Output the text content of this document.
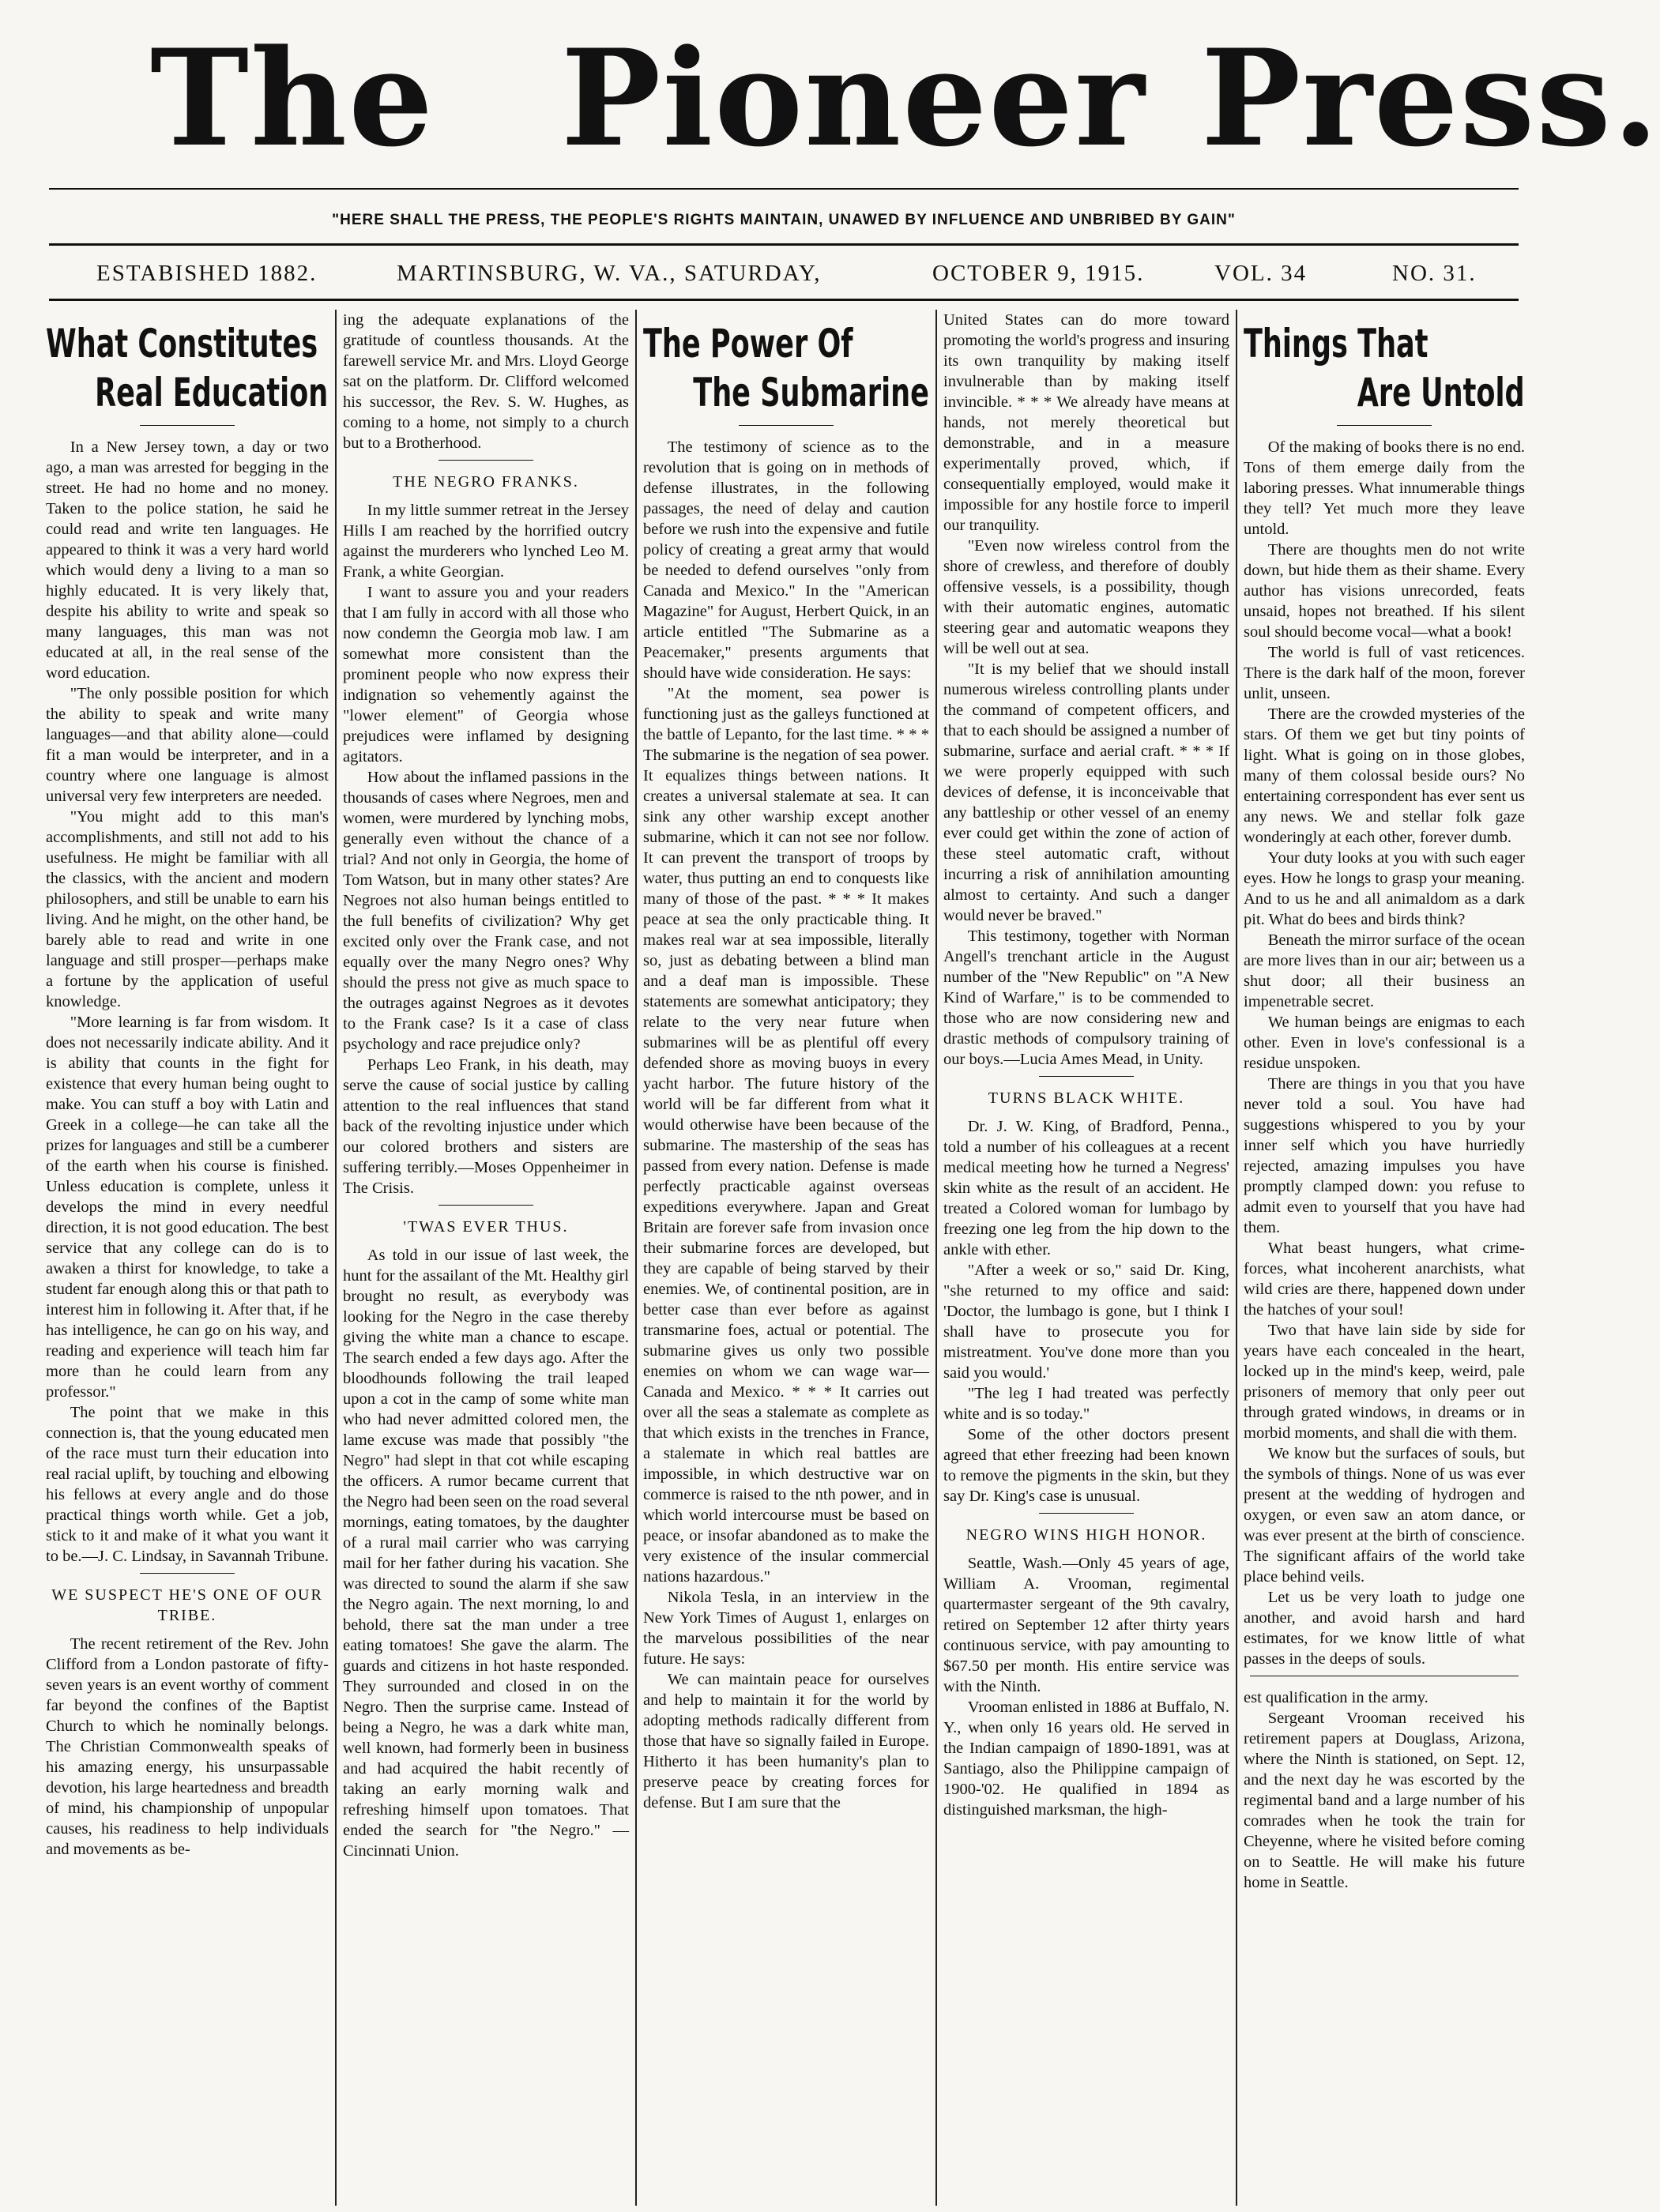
The Pioneer Press.
"HERE SHALL THE PRESS, THE PEOPLE'S RIGHTS MAINTAIN, UNAWED BY INFLUENCE AND UNBRIBED BY GAIN"
ESTABISHED 1882.	MARTINSBURG, W. VA., SATURDAY,	OCTOBER 9, 1915.	VOL. 34	NO. 31.
What Constitutes
Real Education

In a New Jersey town, a day or two ago, a man was arrested for begging in the street. He had no home and no money. Taken to the police station, he said he could read and write ten languages. He appeared to think it was a very hard world which would deny a living to a man so highly educated. It is very likely that, despite his ability to write and speak so many languages, this man was not educated at all, in the real sense of the word education.

"The only possible position for which the ability to speak and write many languages—and that ability alone—could fit a man would be interpreter, and in a country where one language is almost universal very few interpreters are needed.

"You might add to this man's accomplishments, and still not add to his usefulness. He might be familiar with all the classics, with the ancient and modern philosophers, and still be unable to earn his living. And he might, on the other hand, be barely able to read and write in one language and still prosper—perhaps make a fortune by the application of useful knowledge.

"More learning is far from wisdom. It does not necessarily indicate ability. And it is ability that counts in the fight for existence that every human being ought to make. You can stuff a boy with Latin and Greek in a college—he can take all the prizes for languages and still be a cumberer of the earth when his course is finished. Unless education is complete, unless it develops the mind in every needful direction, it is not good education. The best service that any college can do is to awaken a thirst for knowledge, to take a student far enough along this or that path to interest him in following it. After that, if he has intelligence, he can go on his way, and reading and experience will teach him far more than he could learn from any professor."

The point that we make in this connection is, that the young educated men of the race must turn their education into real racial uplift, by touching and elbowing his fellows at every angle and do those practical things worth while. Get a job, stick to it and make of it what you want it to be.—J. C. Lindsay, in Savannah Tribune.

WE SUSPECT HE'S ONE OF OUR TRIBE.

The recent retirement of the Rev. John Clifford from a London pastorate of fifty-seven years is an event worthy of comment far beyond the confines of the Baptist Church to which he nominally belongs. The Christian Commonwealth speaks of his amazing energy, his unsurpassable devotion, his large heartedness and breadth of mind, his championship of unpopular causes, his readiness to help individuals and movements as be-

ing the adequate explanations of the gratitude of countless thousands. At the farewell service Mr. and Mrs. Lloyd George sat on the platform. Dr. Clifford welcomed his successor, the Rev. S. W. Hughes, as coming to a home, not simply to a church but to a Brotherhood.

THE NEGRO FRANKS.

In my little summer retreat in the Jersey Hills I am reached by the horrified outcry against the murderers who lynched Leo M. Frank, a white Georgian.

I want to assure you and your readers that I am fully in accord with all those who now condemn the Georgia mob law. I am somewhat more consistent than the prominent people who now express their indignation so vehemently against the "lower element" of Georgia whose prejudices were inflamed by designing agitators.

How about the inflamed passions in the thousands of cases where Negroes, men and women, were murdered by lynching mobs, generally even without the chance of a trial? And not only in Georgia, the home of Tom Watson, but in many other states? Are Negroes not also human beings entitled to the full benefits of civilization? Why get excited only over the Frank case, and not equally over the many Negro ones? Why should the press not give as much space to the outrages against Negroes as it devotes to the Frank case? Is it a case of class psychology and race prejudice only?

Perhaps Leo Frank, in his death, may serve the cause of social justice by calling attention to the real influences that stand back of the revolting injustice under which our colored brothers and sisters are suffering terribly.—Moses Oppenheimer in The Crisis.

'TWAS EVER THUS.

As told in our issue of last week, the hunt for the assailant of the Mt. Healthy girl brought no result, as everybody was looking for the Negro in the case thereby giving the white man a chance to escape. The search ended a few days ago. After the bloodhounds following the trail leaped upon a cot in the camp of some white man who had never admitted colored men, the lame excuse was made that possibly "the Negro" had slept in that cot while escaping the officers. A rumor became current that the Negro had been seen on the road several mornings, eating tomatoes, by the daughter of a rural mail carrier who was carrying mail for her father during his vacation. She was directed to sound the alarm if she saw the Negro again. The next morning, lo and behold, there sat the man under a tree eating tomatoes! She gave the alarm. The guards and citizens in hot haste responded. They surrounded and closed in on the Negro. Then the surprise came. Instead of being a Negro, he was a dark white man, well known, had formerly been in business and had acquired the habit recently of taking an early morning walk and refreshing himself upon tomatoes. That ended the search for "the Negro." —Cincinnati Union.

The Power Of
The Submarine

The testimony of science as to the revolution that is going on in methods of defense illustrates, in the following passages, the need of delay and caution before we rush into the expensive and futile policy of creating a great army that would be needed to defend ourselves "only from Canada and Mexico." In the "American Magazine" for August, Herbert Quick, in an article entitled "The Submarine as a Peacemaker," presents arguments that should have wide consideration. He says:

"At the moment, sea power is functioning just as the galleys functioned at the battle of Lepanto, for the last time. * * * The submarine is the negation of sea power. It equalizes things between nations. It creates a universal stalemate at sea. It can sink any other warship except another submarine, which it can not see nor follow. It can prevent the transport of troops by water, thus putting an end to conquests like many of those of the past. * * * It makes peace at sea the only practicable thing. It makes real war at sea impossible, literally so, just as debating between a blind man and a deaf man is impossible. These statements are somewhat anticipatory; they relate to the very near future when submarines will be as plentiful off every defended shore as moving buoys in every yacht harbor. The future history of the world will be far different from what it would otherwise have been because of the submarine. The mastership of the seas has passed from every nation. Defense is made perfectly practicable against overseas expeditions everywhere. Japan and Great Britain are forever safe from invasion once their submarine forces are developed, but they are capable of being starved by their enemies. We, of continental position, are in better case than ever before as against transmarine foes, actual or potential. The submarine gives us only two possible enemies on whom we can wage war—Canada and Mexico. * * * It carries out over all the seas a stalemate as complete as that which exists in the trenches in France, a stalemate in which real battles are impossible, in which destructive war on commerce is raised to the nth power, and in which world intercourse must be based on peace, or insofar abandoned as to make the very existence of the insular commercial nations hazardous."

Nikola Tesla, in an interview in the New York Times of August 1, enlarges on the marvelous possibilities of the near future. He says:

We can maintain peace for ourselves and help to maintain it for the world by adopting methods radically different from those that have so signally failed in Europe. Hitherto it has been humanity's plan to preserve peace by creating forces for defense. But I am sure that the

United States can do more toward promoting the world's progress and insuring its own tranquility by making itself invulnerable than by making itself invincible. * * * We already have means at hands, not merely theoretical but demonstrable, and in a measure experimentally proved, which, if consequentially employed, would make it impossible for any hostile force to imperil our tranquility.

"Even now wireless control from the shore of crewless, and therefore of doubly offensive vessels, is a possibility, though with their automatic engines, automatic steering gear and automatic weapons they will be well out at sea.

"It is my belief that we should install numerous wireless controlling plants under the command of competent officers, and that to each should be assigned a number of submarine, surface and aerial craft. * * * If we were properly equipped with such devices of defense, it is inconceivable that any battleship or other vessel of an enemy ever could get within the zone of action of these steel automatic craft, without incurring a risk of annihilation amounting almost to certainty. And such a danger would never be braved."

This testimony, together with Norman Angell's trenchant article in the August number of the "New Republic" on "A New Kind of Warfare," is to be commended to those who are now considering new and drastic methods of compulsory training of our boys.—Lucia Ames Mead, in Unity.

TURNS BLACK WHITE.

Dr. J. W. King, of Bradford, Penna., told a number of his colleagues at a recent medical meeting how he turned a Negress' skin white as the result of an accident. He treated a Colored woman for lumbago by freezing one leg from the hip down to the ankle with ether.

"After a week or so," said Dr. King, "she returned to my office and said: 'Doctor, the lumbago is gone, but I think I shall have to prosecute you for mistreatment. You've done more than you said you would.'

"The leg I had treated was perfectly white and is so today."

Some of the other doctors present agreed that ether freezing had been known to remove the pigments in the skin, but they say Dr. King's case is unusual.

NEGRO WINS HIGH HONOR.

Seattle, Wash.—Only 45 years of age, William A. Vrooman, regimental quartermaster sergeant of the 9th cavalry, retired on September 12 after thirty years continuous service, with pay amounting to $67.50 per month. His entire service was with the Ninth.

Vrooman enlisted in 1886 at Buffalo, N. Y., when only 16 years old. He served in the Indian campaign of 1890-1891, was at Santiago, also the Philippine campaign of 1900-'02. He qualified in 1894 as distinguished marksman, the high-

Things That
Are Untold

Of the making of books there is no end. Tons of them emerge daily from the laboring presses. What innumerable things they tell? Yet much more they leave untold.

There are thoughts men do not write down, but hide them as their shame. Every author has visions unrecorded, feats unsaid, hopes not breathed. If his silent soul should become vocal—what a book!

The world is full of vast reticences. There is the dark half of the moon, forever unlit, unseen.

There are the crowded mysteries of the stars. Of them we get but tiny points of light. What is going on in those globes, many of them colossal beside ours? No entertaining correspondent has ever sent us any news. We and stellar folk gaze wonderingly at each other, forever dumb.

Your duty looks at you with such eager eyes. How he longs to grasp your meaning. And to us he and all animaldom as a dark pit. What do bees and birds think?

Beneath the mirror surface of the ocean are more lives than in our air; between us a shut door; all their business an impenetrable secret.

We human beings are enigmas to each other. Even in love's confessional is a residue unspoken.

There are things in you that you have never told a soul. You have had suggestions whispered to you by your inner self which you have hurriedly rejected, amazing impulses you have promptly clamped down: you refuse to admit even to yourself that you have had them.

What beast hungers, what crime-forces, what incoherent anarchists, what wild cries are there, happened down under the hatches of your soul!

Two that have lain side by side for years have each concealed in the heart, locked up in the mind's keep, weird, pale prisoners of memory that only peer out through grated windows, in dreams or in morbid moments, and shall die with them.

We know but the surfaces of souls, but the symbols of things. None of us was ever present at the wedding of hydrogen and oxygen, or even saw an atom dance, or was ever present at the birth of conscience. The significant affairs of the world take place behind veils.

Let us be very loath to judge one another, and avoid harsh and hard estimates, for we know little of what passes in the deeps of souls.

est qualification in the army.

Sergeant Vrooman received his retirement papers at Douglass, Arizona, where the Ninth is stationed, on Sept. 12, and the next day he was escorted by the regimental band and a large number of his comrades when he took the train for Cheyenne, where he visited before coming on to Seattle. He will make his future home in Seattle.
